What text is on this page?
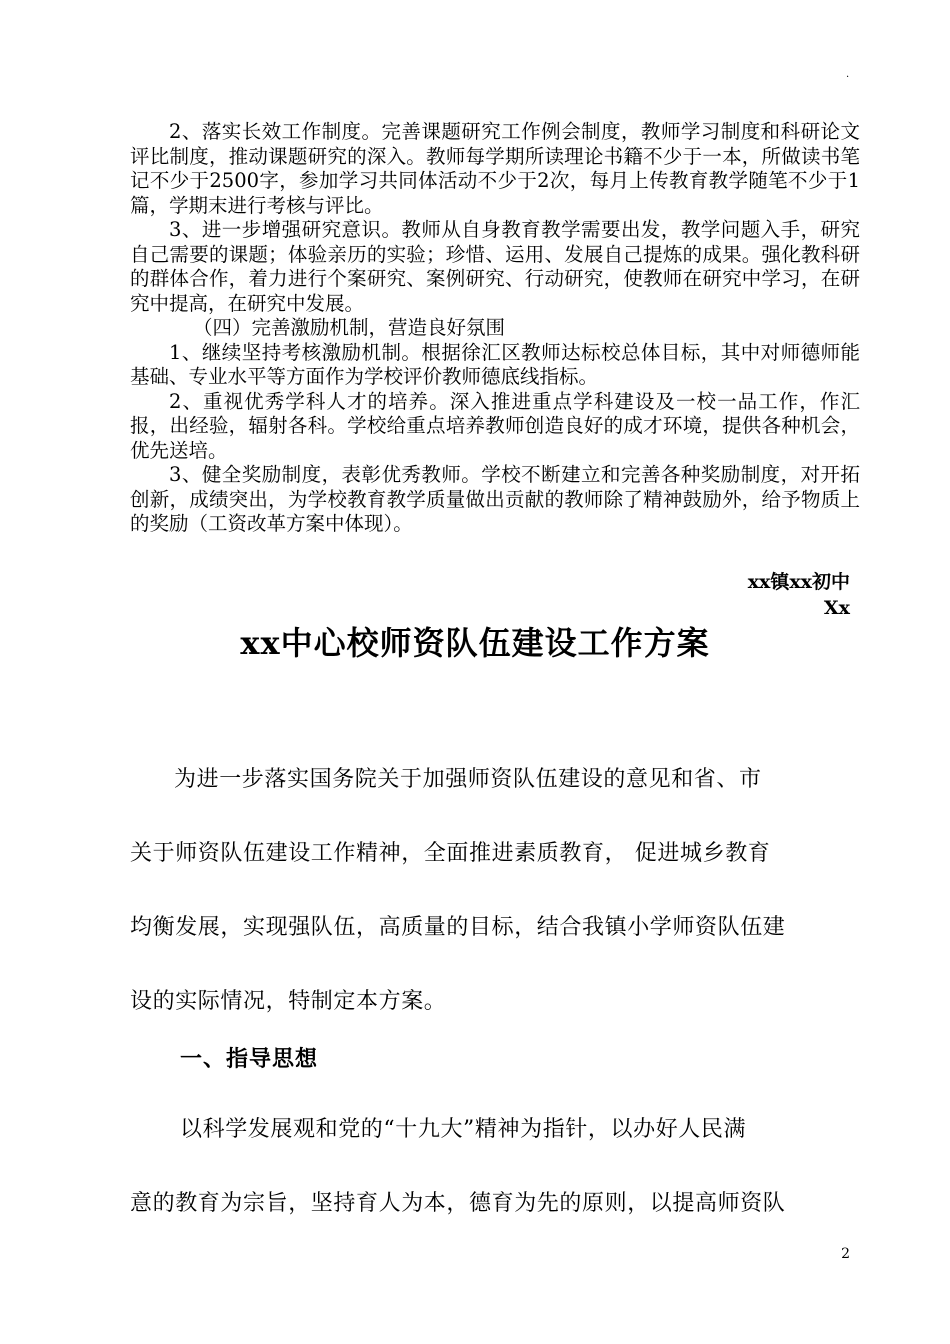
.

2、落实长效工作制度。完善课题研究工作例会制度，教师学习制度和科研论文评比制度，推动课题研究的深入。教师每学期所读理论书籍不少于一本，所做读书笔记不少于2500字，参加学习共同体活动不少于2次，每月上传教育教学随笔不少于1篇，学期末进行考核与评比。

3、进一步增强研究意识。教师从自身教育教学需要出发，教学问题入手，研究自己需要的课题；体验亲历的实验；珍惜、运用、发展自己提炼的成果。强化教科研的群体合作，着力进行个案研究、案例研究、行动研究，使教师在研究中学习，在研究中提高，在研究中发展。

（四）完善激励机制，营造良好氛围

1、继续坚持考核激励机制。根据徐汇区教师达标校总体目标，其中对师德师能基础、专业水平等方面作为学校评价教师德底线指标。

2、重视优秀学科人才的培养。深入推进重点学科建设及一校一品工作，作汇报，出经验，辐射各科。学校给重点培养教师创造良好的成才环境，提供各种机会，优先送培。

3、健全奖励制度，表彰优秀教师。学校不断建立和完善各种奖励制度，对开拓创新，成绩突出，为学校教育教学质量做出贡献的教师除了精神鼓励外，给予物质上的奖励（工资改革方案中体现）。

xx镇xx初中
Xx
xx中心校师资队伍建设工作方案

为进一步落实国务院关于加强师资队伍建设的意见和省、市

关于师资队伍建设工作精神，全面推进素质教育， 促进城乡教育

均衡发展，实现强队伍，高质量的目标，结合我镇小学师资队伍建

设的实际情况，特制定本方案。

一、指导思想

以科学发展观和党的“十九大”精神为指针，以办好人民满

意的教育为宗旨，坚持育人为本，德育为先的原则，以提高师资队

2
